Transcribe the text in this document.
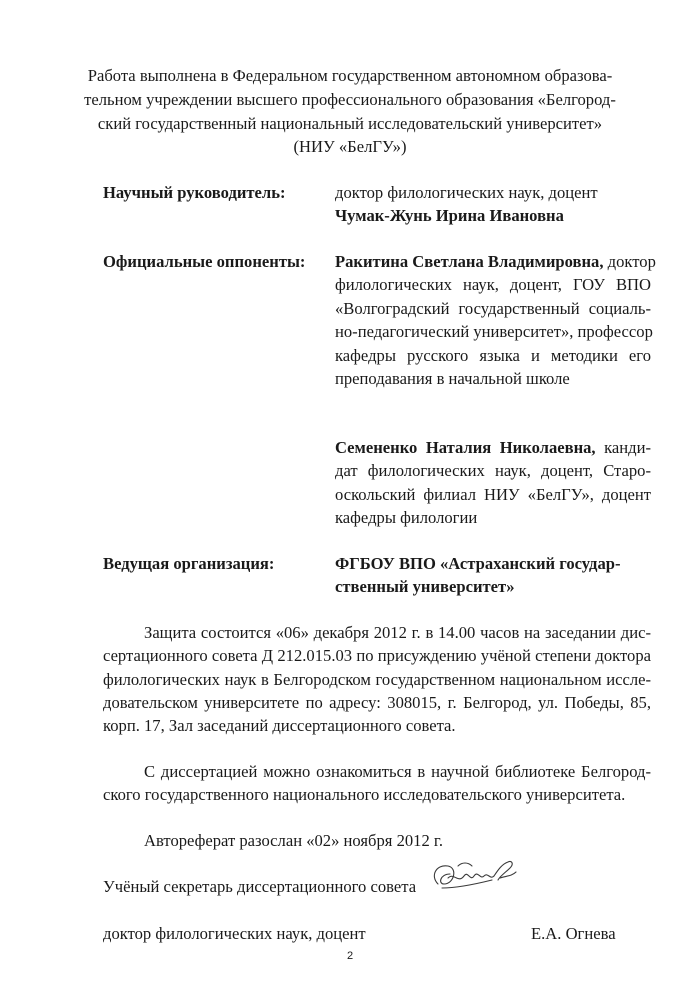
Работа выполнена в Федеральном государственном автономном образова-
тельном учреждении высшего профессионального образования «Белгород-
ский государственный национальный исследовательский университет»
(НИУ «БелГУ»)
Научный руководитель:	доктор филологических наук, доцент
Чумак-Жунь Ирина Ивановна
Официальные оппоненты: Ракитина Светлана Владимировна, доктор
филологических наук, доцент, ГОУ ВПО
«Волгоградский государственный социаль-
но-педагогический университет», профессор
кафедры русского языка и методики его
преподавания в начальной школе
Семененко Наталия Николаевна, канди-
дат филологических наук, доцент, Старо-
оскольский филиал НИУ «БелГУ», доцент
кафедры филологии
Ведущая организация:	ФГБОУ ВПО «Астраханский государ-
ственный университет»
Защита состоится «06» декабря 2012 г. в 14.00 часов на заседании дис-
сертационного совета Д 212.015.03 по присуждению учёной степени доктора
филологических наук в Белгородском государственном национальном иссле-
довательском университете по адресу: 308015, г. Белгород, ул. Победы, 85,
корп. 17, Зал заседаний диссертационного совета.
С диссертацией можно ознакомиться в научной библиотеке Белгород-
ского государственного национального исследовательского университета.
Автореферат разослан «02» ноября 2012 г.
Учёный секретарь диссертационного совета
доктор филологических наук, доцент	Е.А. Огнева
2
